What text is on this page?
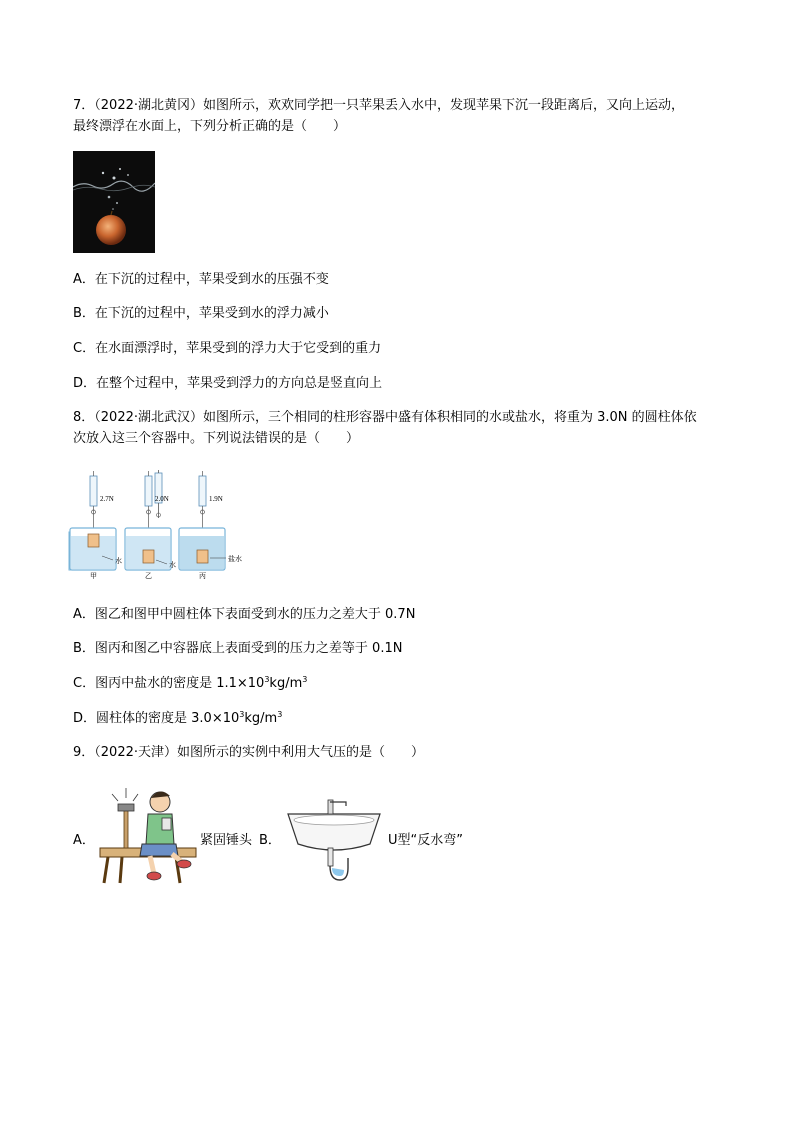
7．（2022·湖北黄冈）如图所示，欢欢同学把一只苹果丢入水中，发现苹果下沉一段距离后，又向上运动，
最终漂浮在水面上，下列分析正确的是（　　）
A．在下沉的过程中，苹果受到水的压强不变
B．在下沉的过程中，苹果受到水的浮力减小
C．在水面漂浮时，苹果受到的浮力大于它受到的重力
D．在整个过程中，苹果受到浮力的方向总是竖直向上
8．（2022·湖北武汉）如图所示，三个相同的柱形容器中盛有体积相同的水或盐水，将重为 3.0N 的圆柱体依
次放入这三个容器中。下列说法错误的是（　　）
2.7N	2.0N	1.9N
水	水
盐水
甲	乙	丙
A．图乙和图甲中圆柱体下表面受到水的压力之差大于 0.7N
B．图丙和图乙中容器底上表面受到的压力之差等于 0.1N
C．图丙中盐水的密度是 $1.1\times 10^3kg/m^3$
D．圆柱体的密度是 $3.0\times 10^3kg/m^3$
9．（2022·天津）如图所示的实例中利用大气压的是（　　）
A．	紧固锤头 B．	U型“反水弯”
